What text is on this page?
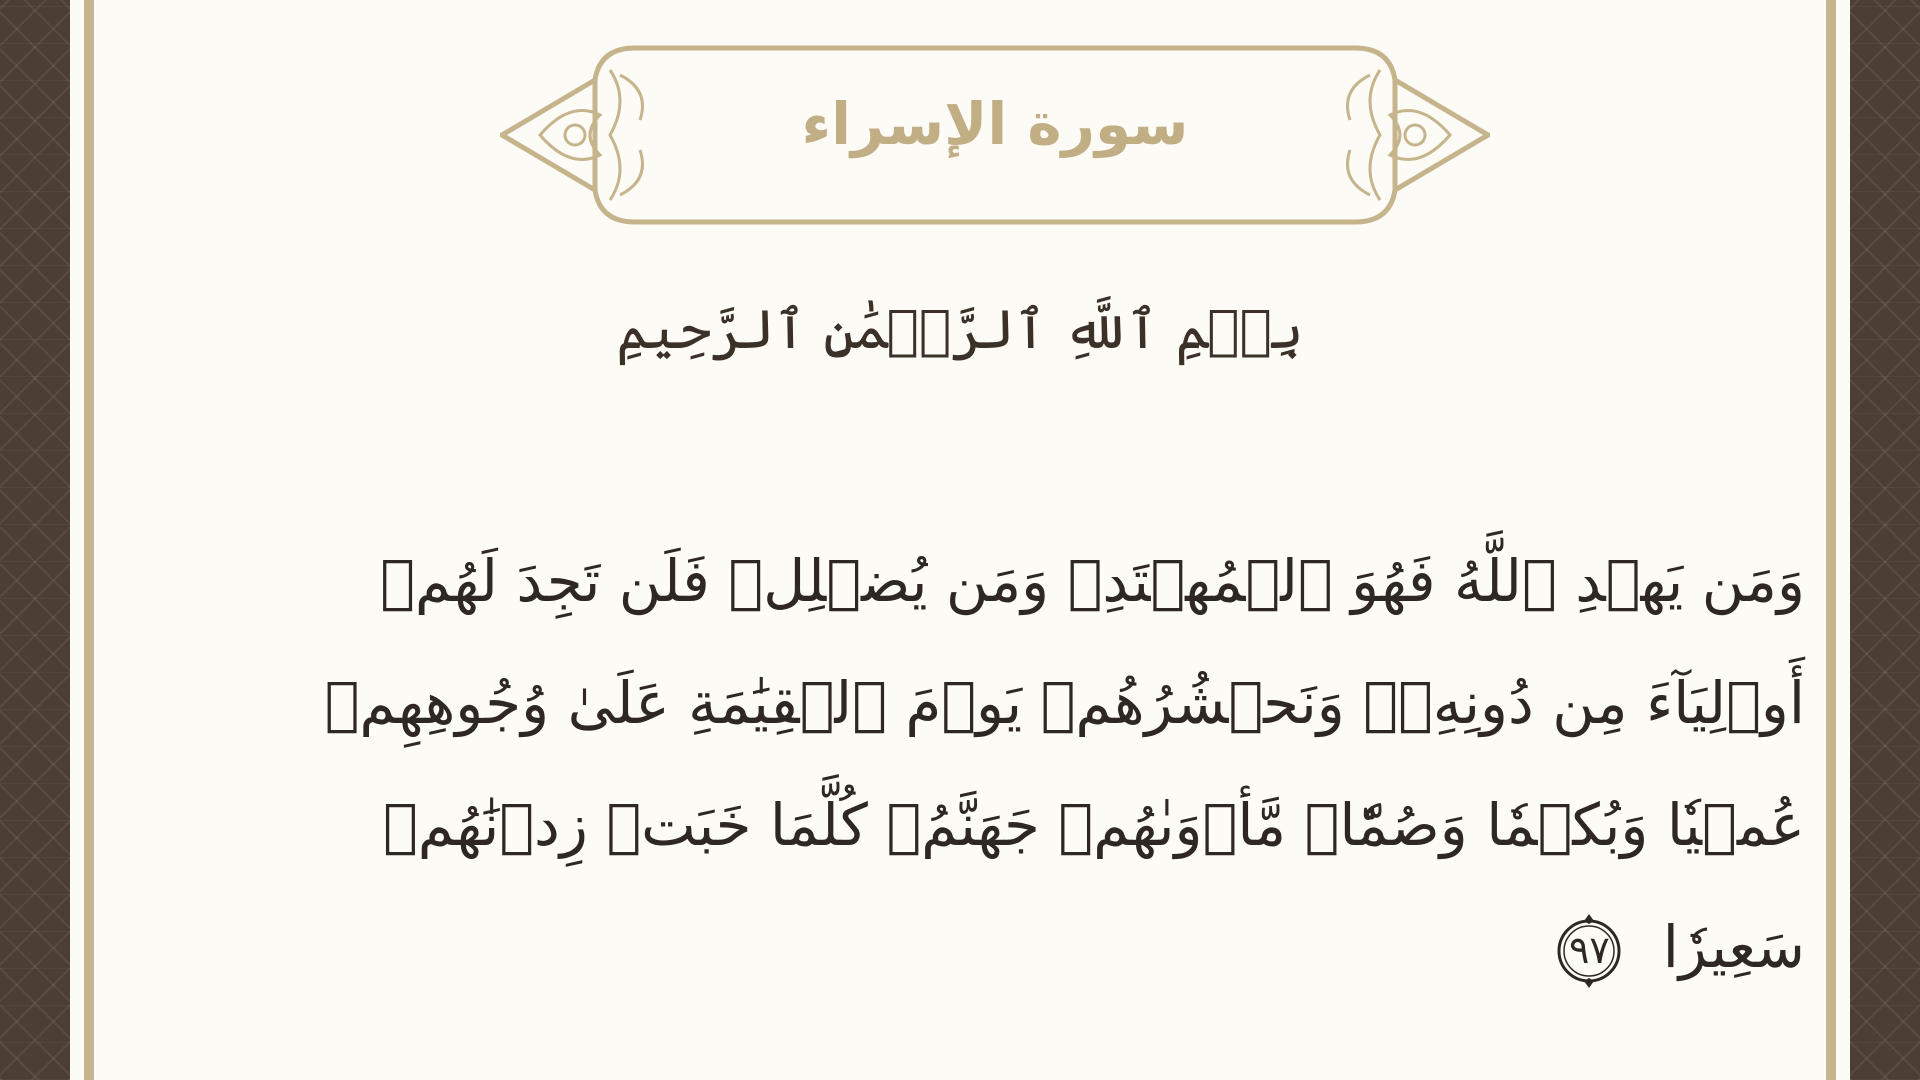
سورة الإسراء
بِسۡمِ ٱللَّهِ ٱلرَّحۡمَٰنِ ٱلرَّحِيمِ
وَمَن يَهۡدِ ٱللَّهُ فَهُوَ ٱلۡمُهۡتَدِۖ وَمَن يُضۡلِلۡ فَلَن تَجِدَ لَهُمۡ أَوۡلِيَآءَ مِن دُونِهِۦۖ وَنَحۡشُرُهُمۡ يَوۡمَ ٱلۡقِيَٰمَةِ عَلَىٰ وُجُوهِهِمۡ عُمۡيٗا وَبُكۡمٗا وَصُمّٗاۖ مَّأۡوَىٰهُمۡ جَهَنَّمُۖ كُلَّمَا خَبَتۡ زِدۡنَٰهُمۡ سَعِيرٗا
٩٧
